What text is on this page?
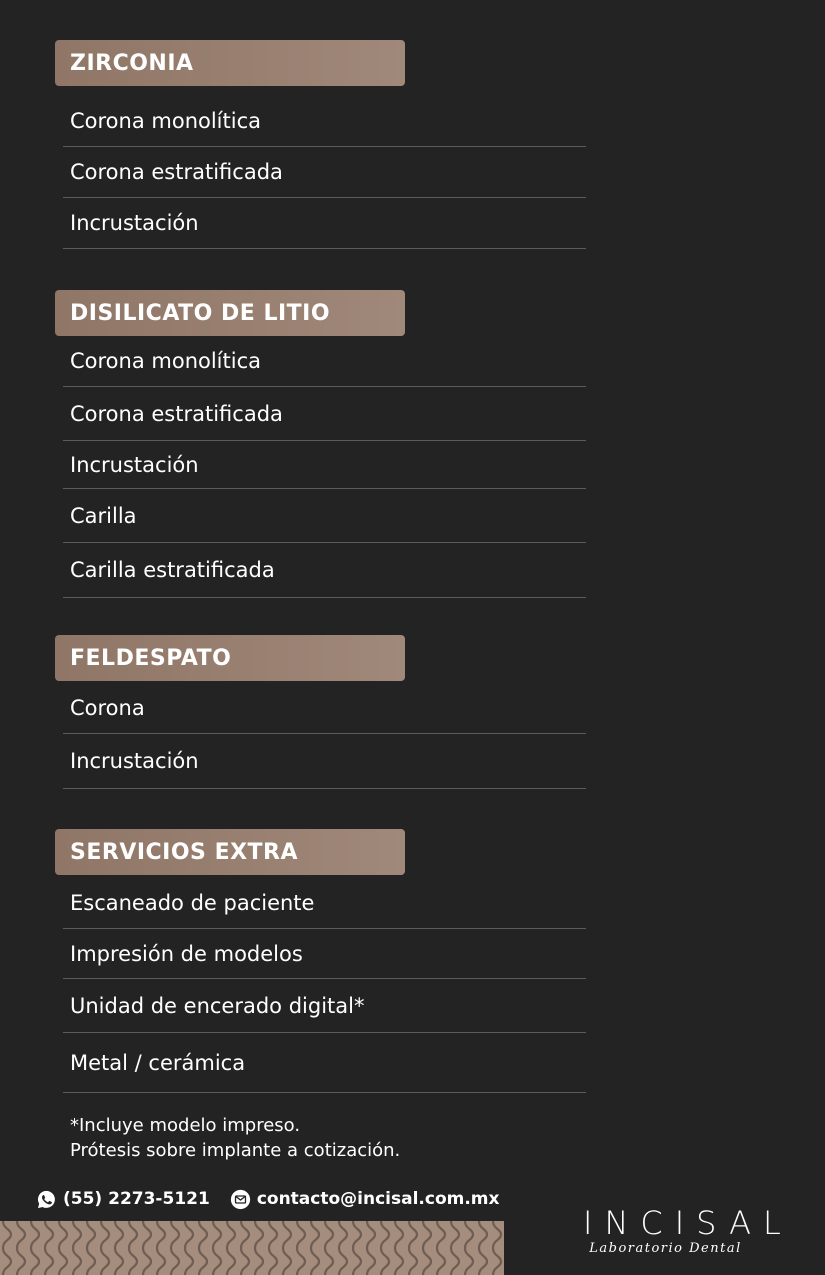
ZIRCONIA
Corona monolítica
Corona estratificada
Incrustación
DISILICATO DE LITIO
Corona monolítica
Corona estratificada
Incrustación
Carilla
Carilla estratificada
FELDESPATO
Corona
Incrustación
SERVICIOS EXTRA
Escaneado de paciente
Impresión de modelos
Unidad de encerado digital*
Metal / cerámica
*Incluye modelo impreso.
Prótesis sobre implante a cotización.
(55) 2273-5121	contacto@incisal.com.mx
INCISAL
Laboratorio Dental
